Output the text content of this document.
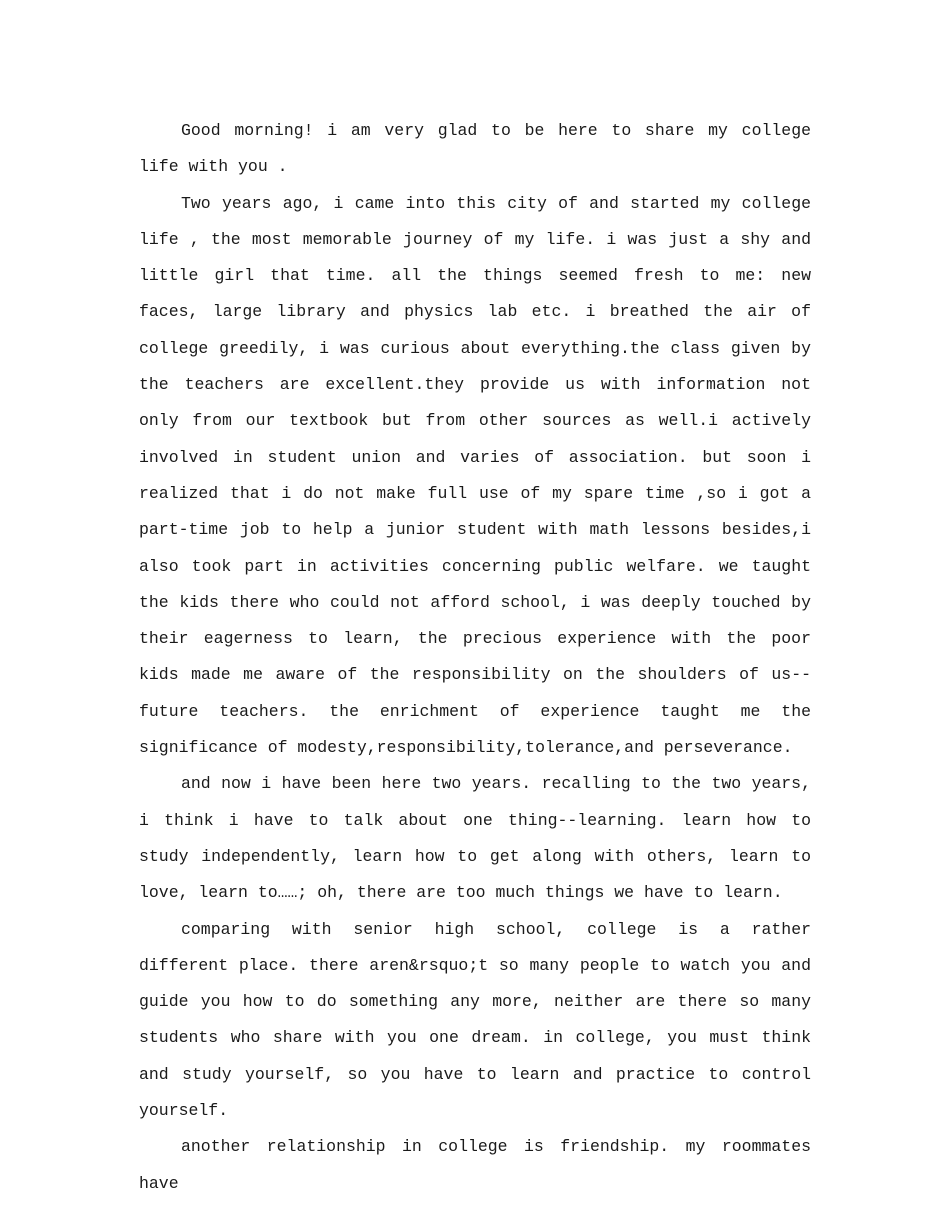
Good morning! i am very glad to be here to share my college life with you .

Two years ago, i came into this city of and started my college life , the most memorable journey of my life. i was just a shy and little girl that time. all the things seemed fresh to me: new faces, large library and physics lab etc. i breathed the air of college greedily, i was curious about everything.the class given by the teachers are excellent.they provide us with information not only from our textbook but from other sources as well.i actively involved in student union and varies of association. but soon i realized that i do not make full use of my spare time ,so i got a part-time job to help a junior student with math lessons besides,i also took part in activities concerning public welfare. we taught the kids there who could not afford school, i was deeply touched by their eagerness to learn, the precious experience with the poor kids made me aware of the responsibility on the shoulders of us--future teachers. the enrichment of experience taught me the significance of modesty,responsibility,tolerance,and perseverance.

and now i have been here two years. recalling to the two years, i think i have to talk about one thing--learning. learn how to study independently, learn how to get along with others, learn to love, learn to……; oh, there are too much things we have to learn.

comparing with senior high school, college is a rather different place. there aren&rsquo;t so many people to watch you and guide you how to do something any more, neither are there so many students who share with you one dream. in college, you must think and study yourself, so you have to learn and practice to control yourself.

another relationship in college is friendship. my roommates have
